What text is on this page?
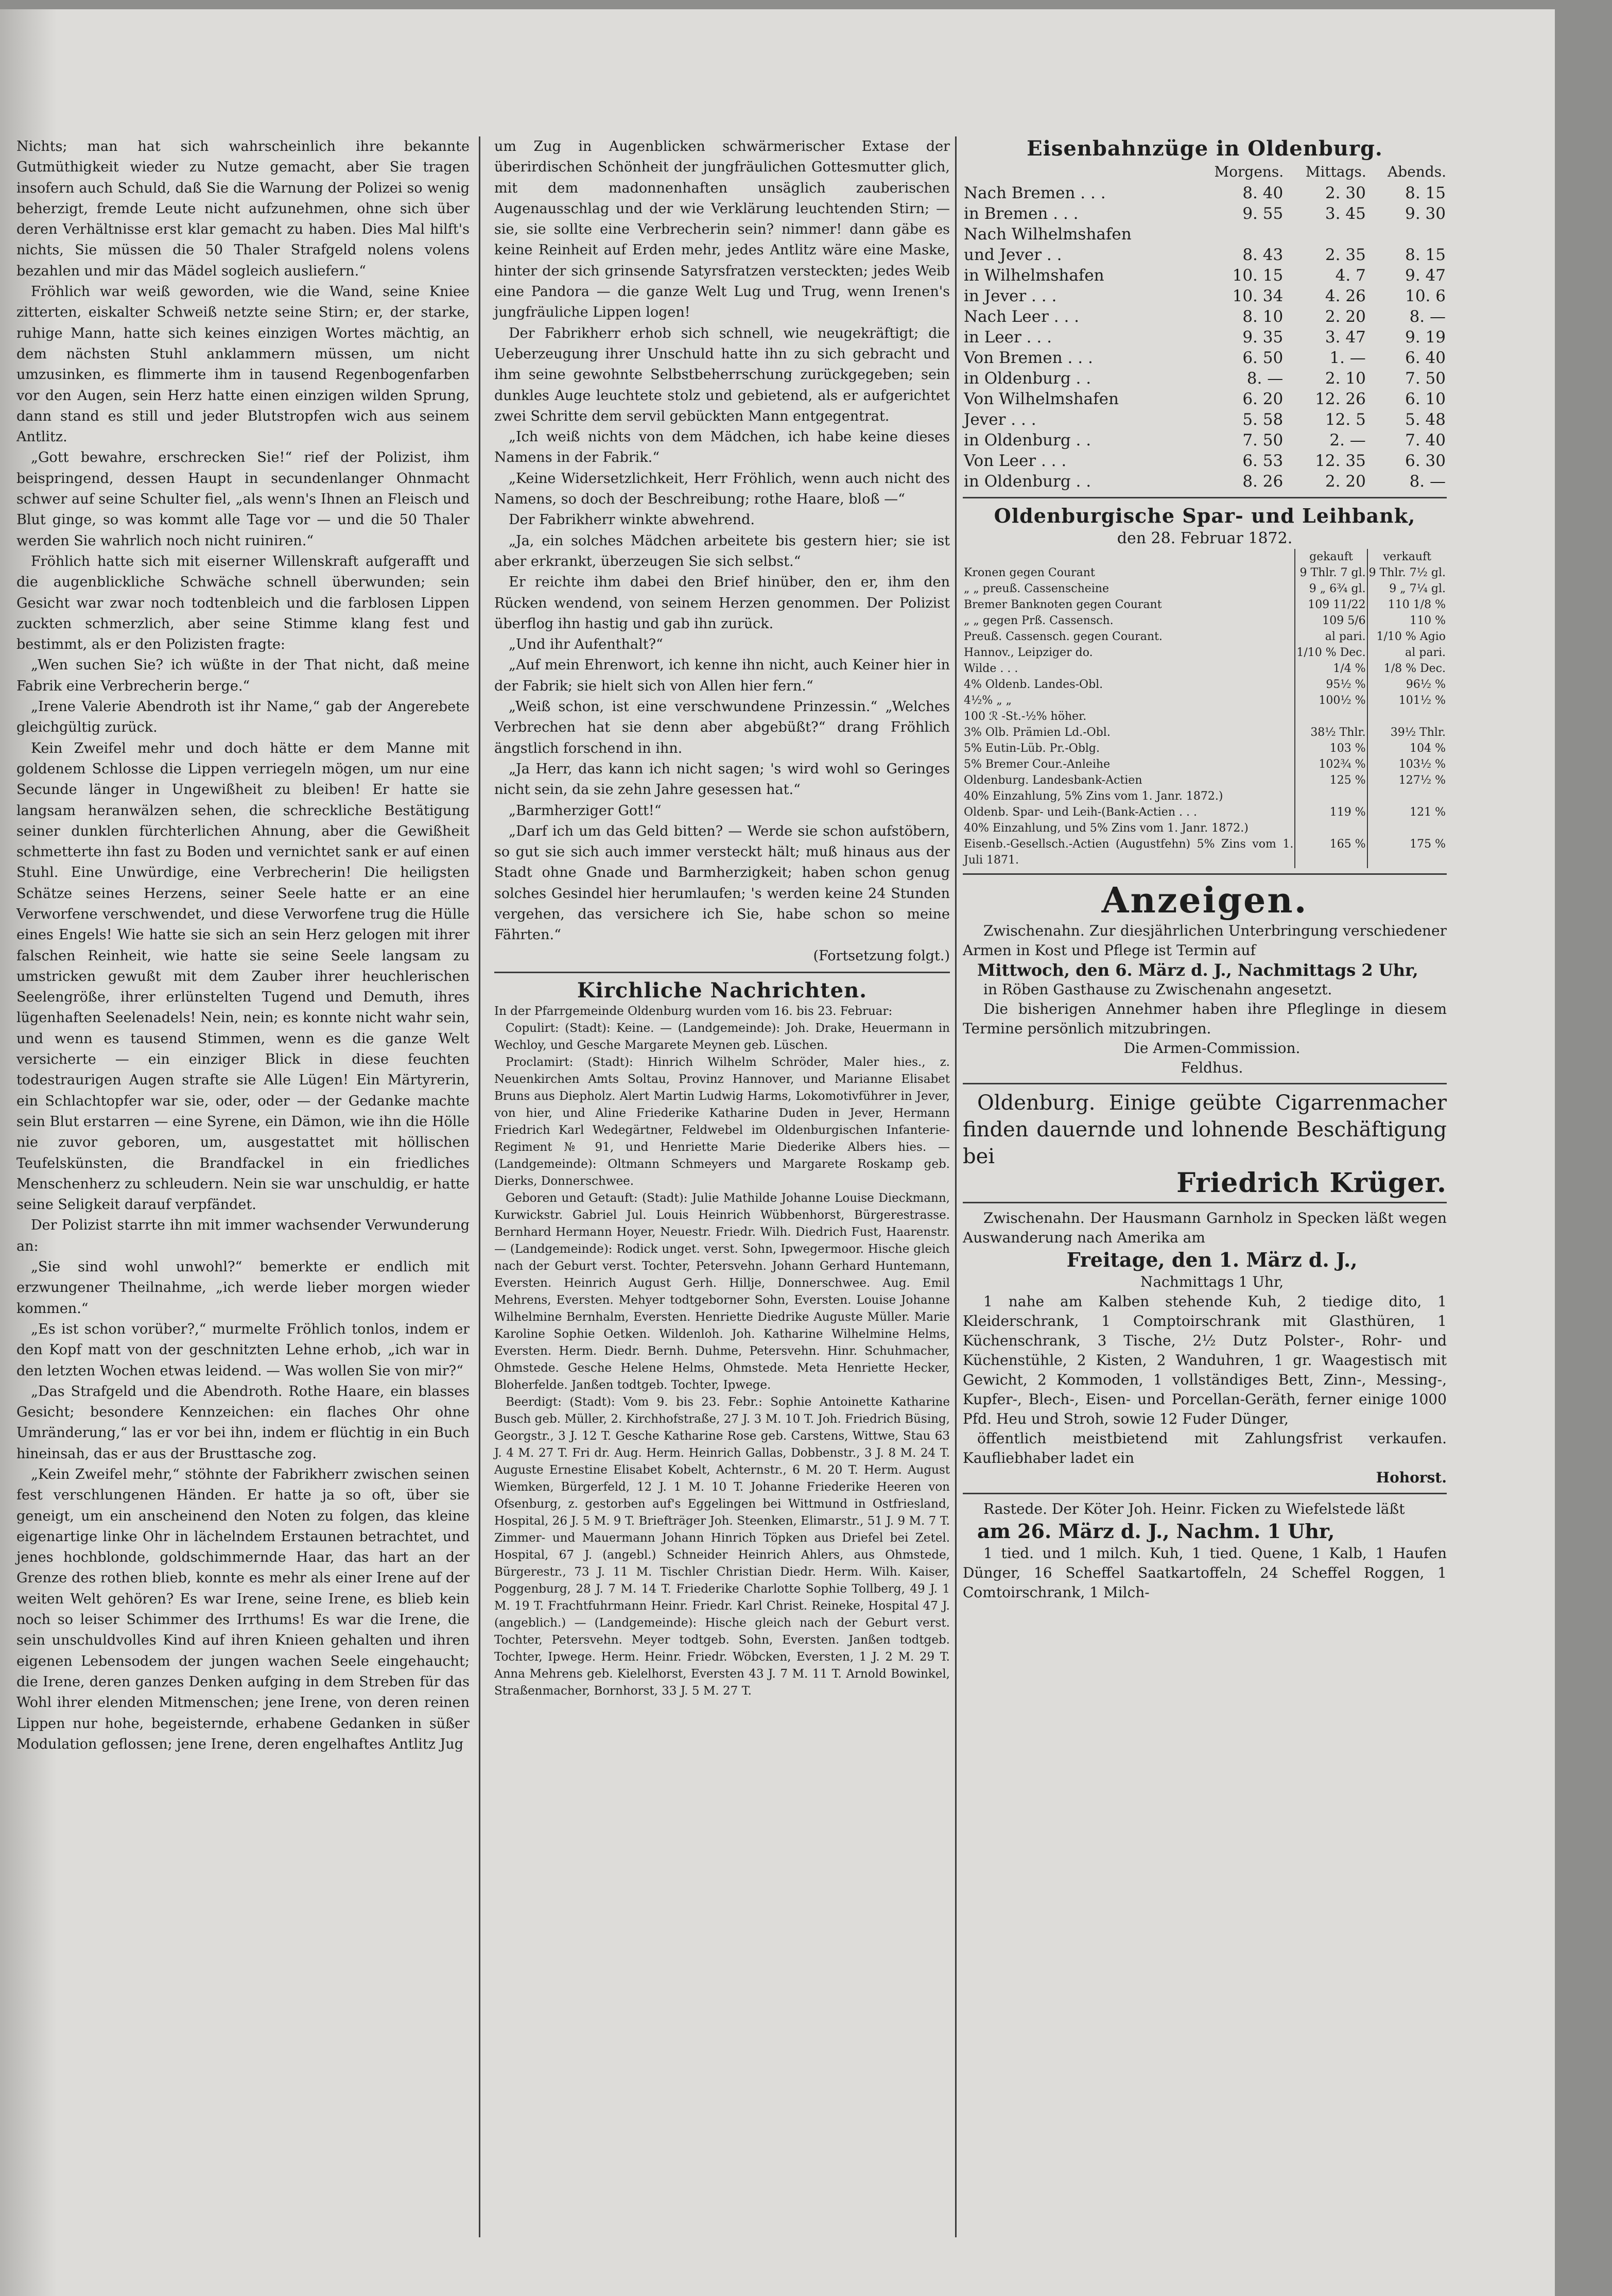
Nichts; man hat sich wahrscheinlich ihre bekannte Gutmüthigkeit wieder zu Nutze gemacht, aber Sie tragen insofern auch Schuld, daß Sie die Warnung der Polizei so wenig beherzigt, fremde Leute nicht aufzunehmen, ohne sich über deren Verhältnisse erst klar gemacht zu haben. Dies Mal hilft's nichts, Sie müssen die 50 Thaler Strafgeld nolens volens bezahlen und mir das Mädel sogleich ausliefern.“

Fröhlich war weiß geworden, wie die Wand, seine Kniee zitterten, eiskalter Schweiß netzte seine Stirn; er, der starke, ruhige Mann, hatte sich keines einzigen Wortes mächtig, an dem nächsten Stuhl anklammern müssen, um nicht umzusinken, es flimmerte ihm in tausend Regenbogenfarben vor den Augen, sein Herz hatte einen einzigen wilden Sprung, dann stand es still und jeder Blutstropfen wich aus seinem Antlitz.

„Gott bewahre, erschrecken Sie!“ rief der Polizist, ihm beispringend, dessen Haupt in secundenlanger Ohnmacht schwer auf seine Schulter fiel, „als wenn's Ihnen an Fleisch und Blut ginge, so was kommt alle Tage vor — und die 50 Thaler werden Sie wahrlich noch nicht ruiniren.“

Fröhlich hatte sich mit eiserner Willenskraft aufgerafft und die augenblickliche Schwäche schnell überwunden; sein Gesicht war zwar noch todtenbleich und die farblosen Lippen zuckten schmerzlich, aber seine Stimme klang fest und bestimmt, als er den Polizisten fragte:

„Wen suchen Sie? ich wüßte in der That nicht, daß meine Fabrik eine Verbrecherin berge.“

„Irene Valerie Abendroth ist ihr Name,“ gab der Angerebete gleichgültig zurück.

Kein Zweifel mehr und doch hätte er dem Manne mit goldenem Schlosse die Lippen verriegeln mögen, um nur eine Secunde länger in Ungewißheit zu bleiben! Er hatte sie langsam heranwälzen sehen, die schreckliche Bestätigung seiner dunklen fürchterlichen Ahnung, aber die Gewißheit schmetterte ihn fast zu Boden und vernichtet sank er auf einen Stuhl. Eine Unwürdige, eine Verbrecherin! Die heiligsten Schätze seines Herzens, seiner Seele hatte er an eine Verworfene verschwendet, und diese Verworfene trug die Hülle eines Engels! Wie hatte sie sich an sein Herz gelogen mit ihrer falschen Reinheit, wie hatte sie seine Seele langsam zu umstricken gewußt mit dem Zauber ihrer heuchlerischen Seelengröße, ihrer erlünstelten Tugend und Demuth, ihres lügenhaften Seelenadels! Nein, nein; es konnte nicht wahr sein, und wenn es tausend Stimmen, wenn es die ganze Welt versicherte — ein einziger Blick in diese feuchten todestraurigen Augen strafte sie Alle Lügen! Ein Märtyrerin, ein Schlachtopfer war sie, oder, oder — der Gedanke machte sein Blut erstarren — eine Syrene, ein Dämon, wie ihn die Hölle nie zuvor geboren, um, ausgestattet mit höllischen Teufelskünsten, die Brandfackel in ein friedliches Menschenherz zu schleudern. Nein sie war unschuldig, er hatte seine Seligkeit darauf verpfändet.

Der Polizist starrte ihn mit immer wachsender Verwunderung an:

„Sie sind wohl unwohl?“ bemerkte er endlich mit erzwungener Theilnahme, „ich werde lieber morgen wieder kommen.“

„Es ist schon vorüber?,“ murmelte Fröhlich tonlos, indem er den Kopf matt von der geschnitzten Lehne erhob, „ich war in den letzten Wochen etwas leidend. — Was wollen Sie von mir?“

„Das Strafgeld und die Abendroth. Rothe Haare, ein blasses Gesicht; besondere Kennzeichen: ein flaches Ohr ohne Umränderung,“ las er vor bei ihn, indem er flüchtig in ein Buch hineinsah, das er aus der Brusttasche zog.

„Kein Zweifel mehr,“ stöhnte der Fabrikherr zwischen seinen fest verschlungenen Händen. Er hatte ja so oft, über sie geneigt, um ein anscheinend den Noten zu folgen, das kleine eigenartige linke Ohr in lächelndem Erstaunen betrachtet, und jenes hochblonde, goldschimmernde Haar, das hart an der Grenze des rothen blieb, konnte es mehr als einer Irene auf der weiten Welt gehören? Es war Irene, seine Irene, es blieb kein noch so leiser Schimmer des Irrthums! Es war die Irene, die sein unschuldvolles Kind auf ihren Knieen gehalten und ihren eigenen Lebensodem der jungen wachen Seele eingehaucht; die Irene, deren ganzes Denken aufging in dem Streben für das Wohl ihrer elenden Mitmenschen; jene Irene, von deren reinen Lippen nur hohe, begeisternde, erhabene Gedanken in süßer Modulation geflossen; jene Irene, deren engelhaftes Antlitz Jug

um Zug in Augenblicken schwärmerischer Extase der überirdischen Schönheit der jungfräulichen Gottesmutter glich, mit dem madonnenhaften unsäglich zauberischen Augenausschlag und der wie Verklärung leuchtenden Stirn; — sie, sie sollte eine Verbrecherin sein? nimmer! dann gäbe es keine Reinheit auf Erden mehr, jedes Antlitz wäre eine Maske, hinter der sich grinsende Satyrsfratzen versteckten; jedes Weib eine Pandora — die ganze Welt Lug und Trug, wenn Irenen's jungfräuliche Lippen logen!

Der Fabrikherr erhob sich schnell, wie neugekräftigt; die Ueberzeugung ihrer Unschuld hatte ihn zu sich gebracht und ihm seine gewohnte Selbstbeherrschung zurückgegeben; sein dunkles Auge leuchtete stolz und gebietend, als er aufgerichtet zwei Schritte dem servil gebückten Mann entgegentrat.

„Ich weiß nichts von dem Mädchen, ich habe keine dieses Namens in der Fabrik.“

„Keine Widersetzlichkeit, Herr Fröhlich, wenn auch nicht des Namens, so doch der Beschreibung; rothe Haare, bloß —“

Der Fabrikherr winkte abwehrend.

„Ja, ein solches Mädchen arbeitete bis gestern hier; sie ist aber erkrankt, überzeugen Sie sich selbst.“

Er reichte ihm dabei den Brief hinüber, den er, ihm den Rücken wendend, von seinem Herzen genommen. Der Polizist überflog ihn hastig und gab ihn zurück.

„Und ihr Aufenthalt?“

„Auf mein Ehrenwort, ich kenne ihn nicht, auch Keiner hier in der Fabrik; sie hielt sich von Allen hier fern.“

„Weiß schon, ist eine verschwundene Prinzessin.“ „Welches Verbrechen hat sie denn aber abgebüßt?“ drang Fröhlich ängstlich forschend in ihn.

„Ja Herr, das kann ich nicht sagen; 's wird wohl so Geringes nicht sein, da sie zehn Jahre gesessen hat.“

„Barmherziger Gott!“

„Darf ich um das Geld bitten? — Werde sie schon aufstöbern, so gut sie sich auch immer versteckt hält; muß hinaus aus der Stadt ohne Gnade und Barmherzigkeit; haben schon genug solches Gesindel hier herumlaufen; 's werden keine 24 Stunden vergehen, das versichere ich Sie, habe schon so meine Fährten.“

(Fortsetzung folgt.)
Kirchliche Nachrichten.
In der Pfarrgemeinde Oldenburg wurden vom 16. bis 23. Februar:
Copulirt: (Stadt): Keine. — (Landgemeinde): Joh. Drake, Heuermann in Wechloy, und Gesche Margarete Meynen geb. Lüschen.
Proclamirt: (Stadt): Hinrich Wilhelm Schröder, Maler hies., z. Neuenkirchen Amts Soltau, Provinz Hannover, und Marianne Elisabet Bruns aus Diepholz. Alert Martin Ludwig Harms, Lokomotivführer in Jever, von hier, und Aline Friederike Katharine Duden in Jever, Hermann Friedrich Karl Wedegärtner, Feldwebel im Oldenburgischen Infanterie-Regiment № 91, und Henriette Marie Diederike Albers hies. — (Landgemeinde): Oltmann Schmeyers und Margarete Roskamp geb. Dierks, Donnerschwee.
Geboren und Getauft: (Stadt): Julie Mathilde Johanne Louise Dieckmann, Kurwickstr. Gabriel Jul. Louis Heinrich Wübbenhorst, Bürgerestrasse. Bernhard Hermann Hoyer, Neuestr. Friedr. Wilh. Diedrich Fust, Haarenstr. — (Landgemeinde): Rodick unget. verst. Sohn, Ipwegermoor. Hische gleich nach der Geburt verst. Tochter, Petersvehn. Johann Gerhard Huntemann, Eversten. Heinrich August Gerh. Hillje, Donnerschwee. Aug. Emil Mehrens, Eversten. Mehyer todtgeborner Sohn, Eversten. Louise Johanne Wilhelmine Bernhalm, Eversten. Henriette Diedrike Auguste Müller. Marie Karoline Sophie Oetken. Wildenloh. Joh. Katharine Wilhelmine Helms, Eversten. Herm. Diedr. Bernh. Duhme, Petersvehn. Hinr. Schuhmacher, Ohmstede. Gesche Helene Helms, Ohmstede. Meta Henriette Hecker, Bloherfelde. Janßen todtgeb. Tochter, Ipwege.
Beerdigt: (Stadt): Vom 9. bis 23. Febr.: Sophie Antoinette Katharine Busch geb. Müller, 2. Kirchhofstraße, 27 J. 3 M. 10 T. Joh. Friedrich Büsing, Georgstr., 3 J. 12 T. Gesche Katharine Rose geb. Carstens, Wittwe, Stau 63 J. 4 M. 27 T. Fri dr. Aug. Herm. Heinrich Gallas, Dobbenstr., 3 J. 8 M. 24 T. Auguste Ernestine Elisabet Kobelt, Achternstr., 6 M. 20 T. Herm. August Wiemken, Bürgerfeld, 12 J. 1 M. 10 T. Johanne Friederike Heeren von Ofsenburg, z. gestorben auf's Eggelingen bei Wittmund in Ostfriesland, Hospital, 26 J. 5 M. 9 T. Briefträger Joh. Steenken, Elimarstr., 51 J. 9 M. 7 T. Zimmer- und Mauermann Johann Hinrich Töpken aus Driefel bei Zetel. Hospital, 67 J. (angebl.) Schneider Heinrich Ahlers, aus Ohmstede, Bürgerestr., 73 J. 11 M. Tischler Christian Diedr. Herm. Wilh. Kaiser, Poggenburg, 28 J. 7 M. 14 T. Friederike Charlotte Sophie Tollberg, 49 J. 1 M. 19 T. Frachtfuhrmann Heinr. Friedr. Karl Christ. Reineke, Hospital 47 J. (angeblich.) — (Landgemeinde): Hische gleich nach der Geburt verst. Tochter, Petersvehn. Meyer todtgeb. Sohn, Eversten. Janßen todtgeb. Tochter, Ipwege. Herm. Heinr. Friedr. Wöbcken, Eversten, 1 J. 2 M. 29 T. Anna Mehrens geb. Kielelhorst, Eversten 43 J. 7 M. 11 T. Arnold Bowinkel, Straßenmacher, Bornhorst, 33 J. 5 M. 27 T.
Eisenbahnzüge in Oldenburg.
	Morgens.	Mittags.	Abends.
Nach Bremen . . .	8. 40	2. 30	8. 15
in Bremen . . .	9. 55	3. 45	9. 30
Nach Wilhelmshafen			
und Jever . .	8. 43	2. 35	8. 15
in Wilhelmshafen	10. 15	4. 7	9. 47
in Jever . . .	10. 34	4. 26	10. 6
Nach Leer . . .	8. 10	2. 20	8. —
in Leer . . .	9. 35	3. 47	9. 19
Von Bremen . . .	6. 50	1. —	6. 40
in Oldenburg . .	8. —	2. 10	7. 50
Von Wilhelmshafen	6. 20	12. 26	6. 10
Jever . . .	5. 58	12. 5	5. 48
in Oldenburg . .	7. 50	2. —	7. 40
Von Leer . . .	6. 53	12. 35	6. 30
in Oldenburg . .	8. 26	2. 20	8. —
Oldenburgische Spar- und Leihbank,
den 28. Februar 1872.
	gekauft	verkauft
Kronen gegen Courant	9 Thlr. 7 gl.	9 Thlr. 7½ gl.
„ „ preuß. Cassenscheine	9 „ 6¾ gl.	9 „ 7¼ gl.
Bremer Banknoten gegen Courant	109 11/22	110 1/8 %
„ „ gegen Prß. Cassensch.	109 5/6	110 %
Preuß. Cassensch. gegen Courant.	al pari.	1/10 % Agio
Hannov., Leipziger do.	1/10 % Dec.	al pari.
Wilde . . .	1/4 %	1/8 % Dec.
4% Oldenb. Landes-Obl.	95½ %	96½ %
4½% „ „	100½ %	101½ %
100 ℛ -St.-½% höher.		
3% Olb. Prämien Ld.-Obl.	38½ Thlr.	39½ Thlr.
5% Eutin-Lüb. Pr.-Oblg.	103 %	104 %
5% Bremer Cour.-Anleihe	102¾ %	103½ %
Oldenburg. Landesbank-Actien	125 %	127½ %
40% Einzahlung, 5% Zins vom 1. Janr. 1872.)		
Oldenb. Spar- und Leih-(Bank-Actien . . .	119 %	121 %
40% Einzahlung, und 5% Zins vom 1. Janr. 1872.)		
Eisenb.-Gesellsch.-Actien (Augustfehn) 5% Zins vom 1. Juli 1871.	165 %	175 %
Anzeigen.

Zwischenahn. Zur diesjährlichen Unterbringung verschiedener Armen in Kost und Pflege ist Termin auf

Mittwoch, den 6. März d. J., Nachmittags 2 Uhr,

in Röben Gasthause zu Zwischenahn angesetzt.

Die bisherigen Annehmer haben ihre Pfleglinge in diesem Termine persönlich mitzubringen.

Die Armen-Commission.

Feldhus.

Oldenburg. Einige geübte Cigarrenmacher finden dauernde und lohnende Beschäftigung bei

Friedrich Krüger.

Zwischenahn. Der Hausmann Garnholz in Specken läßt wegen Auswanderung nach Amerika am

Freitage, den 1. März d. J.,

Nachmittags 1 Uhr,

1 nahe am Kalben stehende Kuh, 2 tiedige dito, 1 Kleiderschrank, 1 Comptoirschrank mit Glasthüren, 1 Küchenschrank, 3 Tische, 2½ Dutz Polster-, Rohr- und Küchenstühle, 2 Kisten, 2 Wanduhren, 1 gr. Waagestisch mit Gewicht, 2 Kommoden, 1 vollständiges Bett, Zinn-, Messing-, Kupfer-, Blech-, Eisen- und Porcellan-Geräth, ferner einige 1000 Pfd. Heu und Stroh, sowie 12 Fuder Dünger,

öffentlich meistbietend mit Zahlungsfrist verkaufen. Kaufliebhaber ladet ein

Hohorst.

Rastede. Der Köter Joh. Heinr. Ficken zu Wiefelstede läßt

am 26. März d. J., Nachm. 1 Uhr,

1 tied. und 1 milch. Kuh, 1 tied. Quene, 1 Kalb, 1 Haufen Dünger, 16 Scheffel Saatkartoffeln, 24 Scheffel Roggen, 1 Comtoirschrank, 1 Milch-
